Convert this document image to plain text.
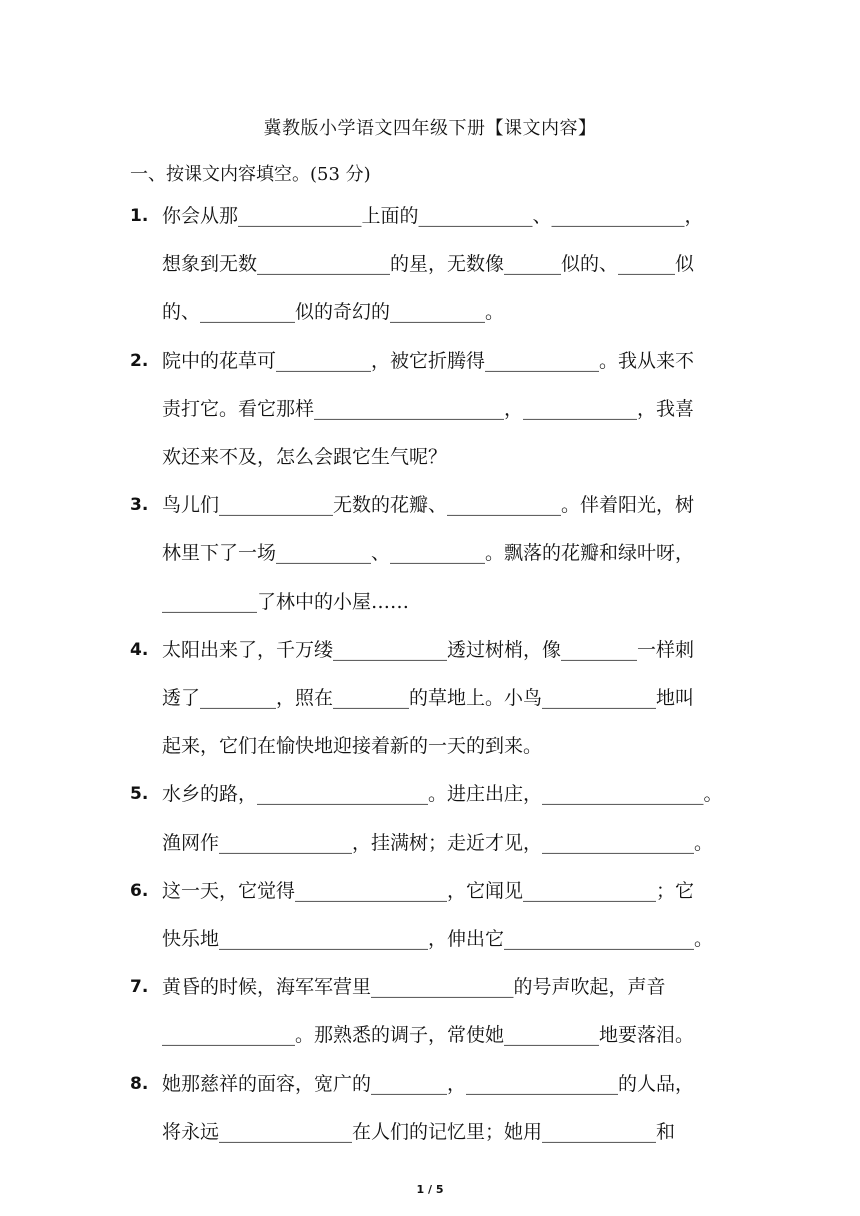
冀教版小学语文四年级下册【课文内容】
一、按课文内容填空。(53 分)
1 .	你会从那_____________上面的____________、______________，
想象到无数______________的星，无数像______似的、______似
的、__________似的奇幻的__________。
2 .	院中的花草可__________，被它折腾得____________。我从来不
责打它。看它那样____________________，____________，我喜
欢还来不及，怎么会跟它生气呢？
3 .	鸟儿们____________无数的花瓣、____________。伴着阳光，树
林里下了一场__________、__________。飘落的花瓣和绿叶呀，
__________了林中的小屋……
4 .	太阳出来了，千万缕____________透过树梢，像________一样刺
透了________，照在________的草地上。小鸟____________地叫
起来，它们在愉快地迎接着新的一天的到来。
5 .	水乡的路，__________________。进庄出庄，_________________。
渔网作______________，挂满树；走近才见，________________。
6 .	这一天，它觉得________________，它闻见______________；它
快乐地______________________，伸出它____________________。
7 .	黄昏的时候，海军军营里_______________的号声吹起，声音
______________。那熟悉的调子，常使她__________地要落泪。
8 .	她那慈祥的面容，宽广的________，________________的人品，
将永远______________在人们的记忆里；她用____________和
1 / 5
